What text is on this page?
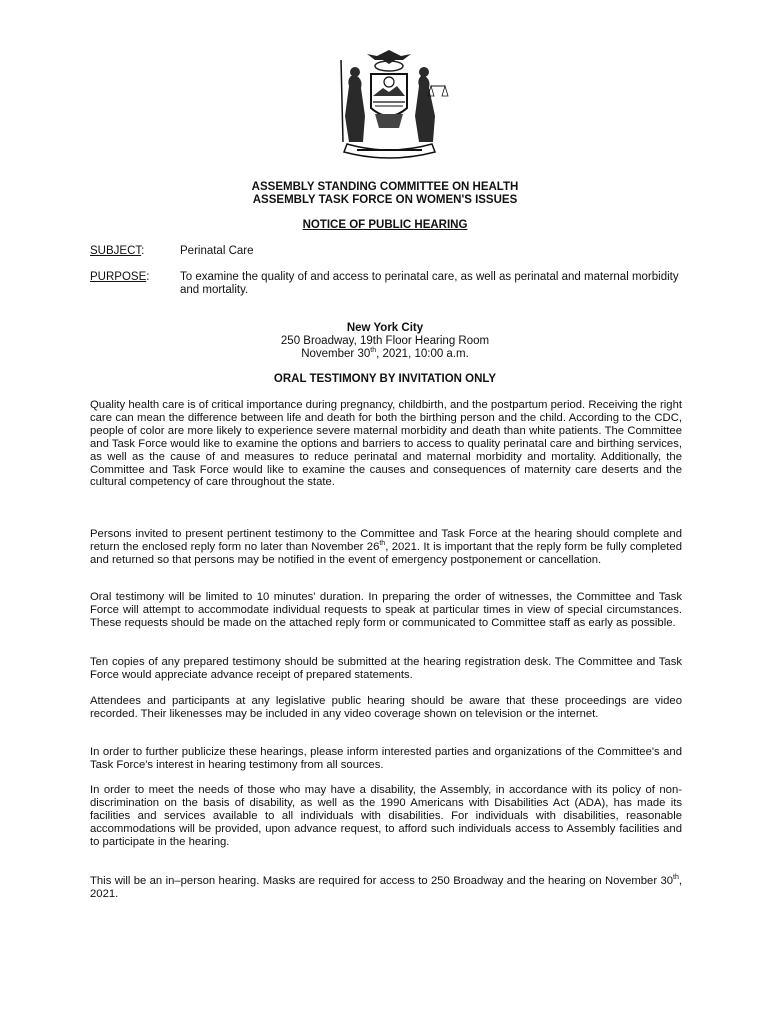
ASSEMBLY STANDING COMMITTEE ON HEALTH
ASSEMBLY TASK FORCE ON WOMEN'S ISSUES
NOTICE OF PUBLIC HEARING
SUBJECT:	Perinatal Care
PURPOSE:	To examine the quality of and access to perinatal care, as well as perinatal and maternal morbidity and mortality.
New York City
250 Broadway, 19th Floor Hearing Room
November 30th, 2021, 10:00 a.m.
ORAL TESTIMONY BY INVITATION ONLY
Quality health care is of critical importance during pregnancy, childbirth, and the postpartum period. Receiving the right care can mean the difference between life and death for both the birthing person and the child. According to the CDC, people of color are more likely to experience severe maternal morbidity and death than white patients. The Committee and Task Force would like to examine the options and barriers to access to quality perinatal care and birthing services, as well as the cause of and measures to reduce perinatal and maternal morbidity and mortality. Additionally, the Committee and Task Force would like to examine the causes and consequences of maternity care deserts and the cultural competency of care throughout the state.
Persons invited to present pertinent testimony to the Committee and Task Force at the hearing should complete and return the enclosed reply form no later than November 26th, 2021. It is important that the reply form be fully completed and returned so that persons may be notified in the event of emergency postponement or cancellation.
Oral testimony will be limited to 10 minutes' duration. In preparing the order of witnesses, the Committee and Task Force will attempt to accommodate individual requests to speak at particular times in view of special circumstances. These requests should be made on the attached reply form or communicated to Committee staff as early as possible.
Ten copies of any prepared testimony should be submitted at the hearing registration desk. The Committee and Task Force would appreciate advance receipt of prepared statements.
Attendees and participants at any legislative public hearing should be aware that these proceedings are video recorded. Their likenesses may be included in any video coverage shown on television or the internet.
In order to further publicize these hearings, please inform interested parties and organizations of the Committee's and Task Force's interest in hearing testimony from all sources.
In order to meet the needs of those who may have a disability, the Assembly, in accordance with its policy of non-discrimination on the basis of disability, as well as the 1990 Americans with Disabilities Act (ADA), has made its facilities and services available to all individuals with disabilities. For individuals with disabilities, reasonable accommodations will be provided, upon advance request, to afford such individuals access to Assembly facilities and to participate in the hearing.
This will be an in–person hearing. Masks are required for access to 250 Broadway and the hearing on November 30th, 2021.
